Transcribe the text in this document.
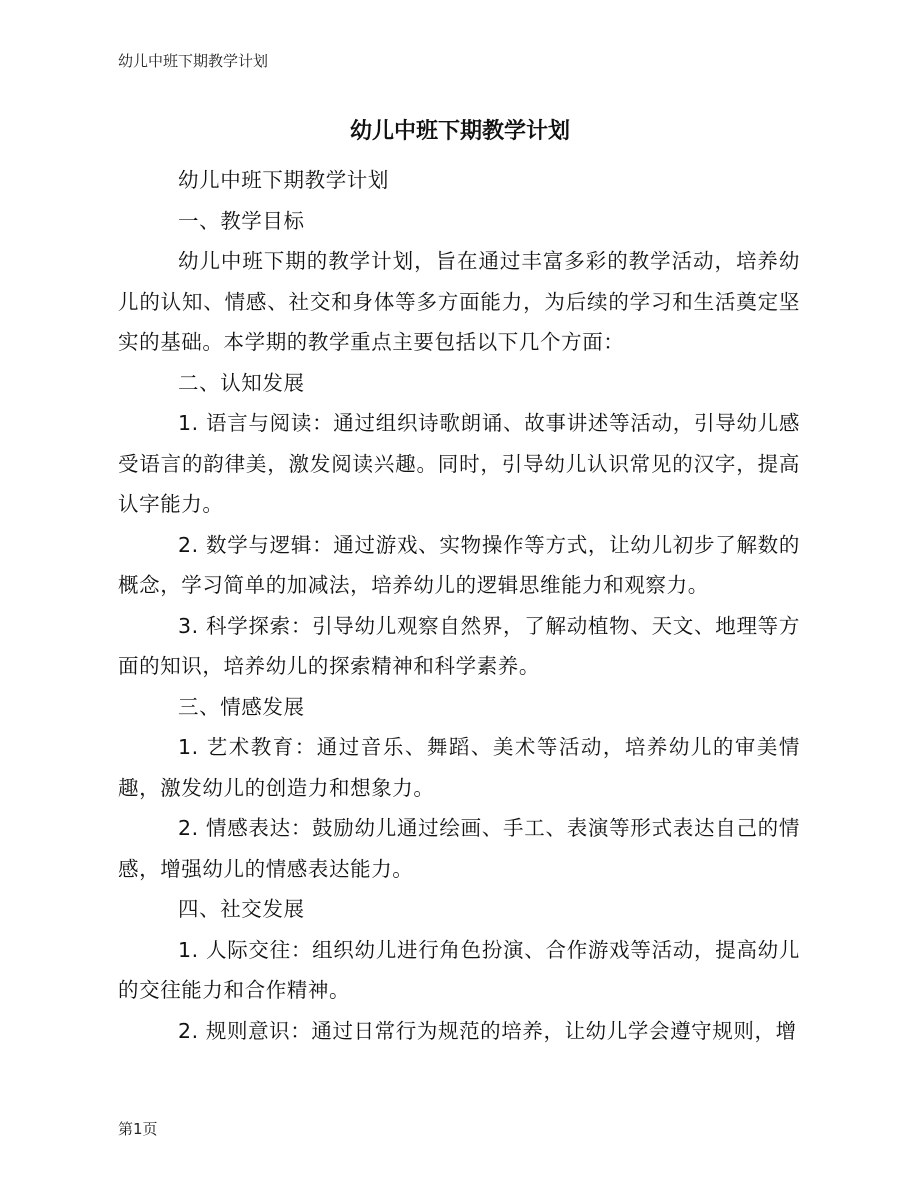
幼儿中班下期教学计划
幼儿中班下期教学计划

幼儿中班下期教学计划

一、教学目标

幼儿中班下期的教学计划，旨在通过丰富多彩的教学活动，培养幼儿的认知、情感、社交和身体等多方面能力，为后续的学习和生活奠定坚实的基础。本学期的教学重点主要包括以下几个方面：

二、认知发展

1. 语言与阅读：通过组织诗歌朗诵、故事讲述等活动，引导幼儿感受语言的韵律美，激发阅读兴趣。同时，引导幼儿认识常见的汉字，提高认字能力。

2. 数学与逻辑：通过游戏、实物操作等方式，让幼儿初步了解数的概念，学习简单的加减法，培养幼儿的逻辑思维能力和观察力。

3. 科学探索：引导幼儿观察自然界，了解动植物、天文、地理等方面的知识，培养幼儿的探索精神和科学素养。

三、情感发展

1. 艺术教育：通过音乐、舞蹈、美术等活动，培养幼儿的审美情趣，激发幼儿的创造力和想象力。

2. 情感表达：鼓励幼儿通过绘画、手工、表演等形式表达自己的情感，增强幼儿的情感表达能力。

四、社交发展

1. 人际交往：组织幼儿进行角色扮演、合作游戏等活动，提高幼儿的交往能力和合作精神。

2. 规则意识：通过日常行为规范的培养，让幼儿学会遵守规则，增

第1页
